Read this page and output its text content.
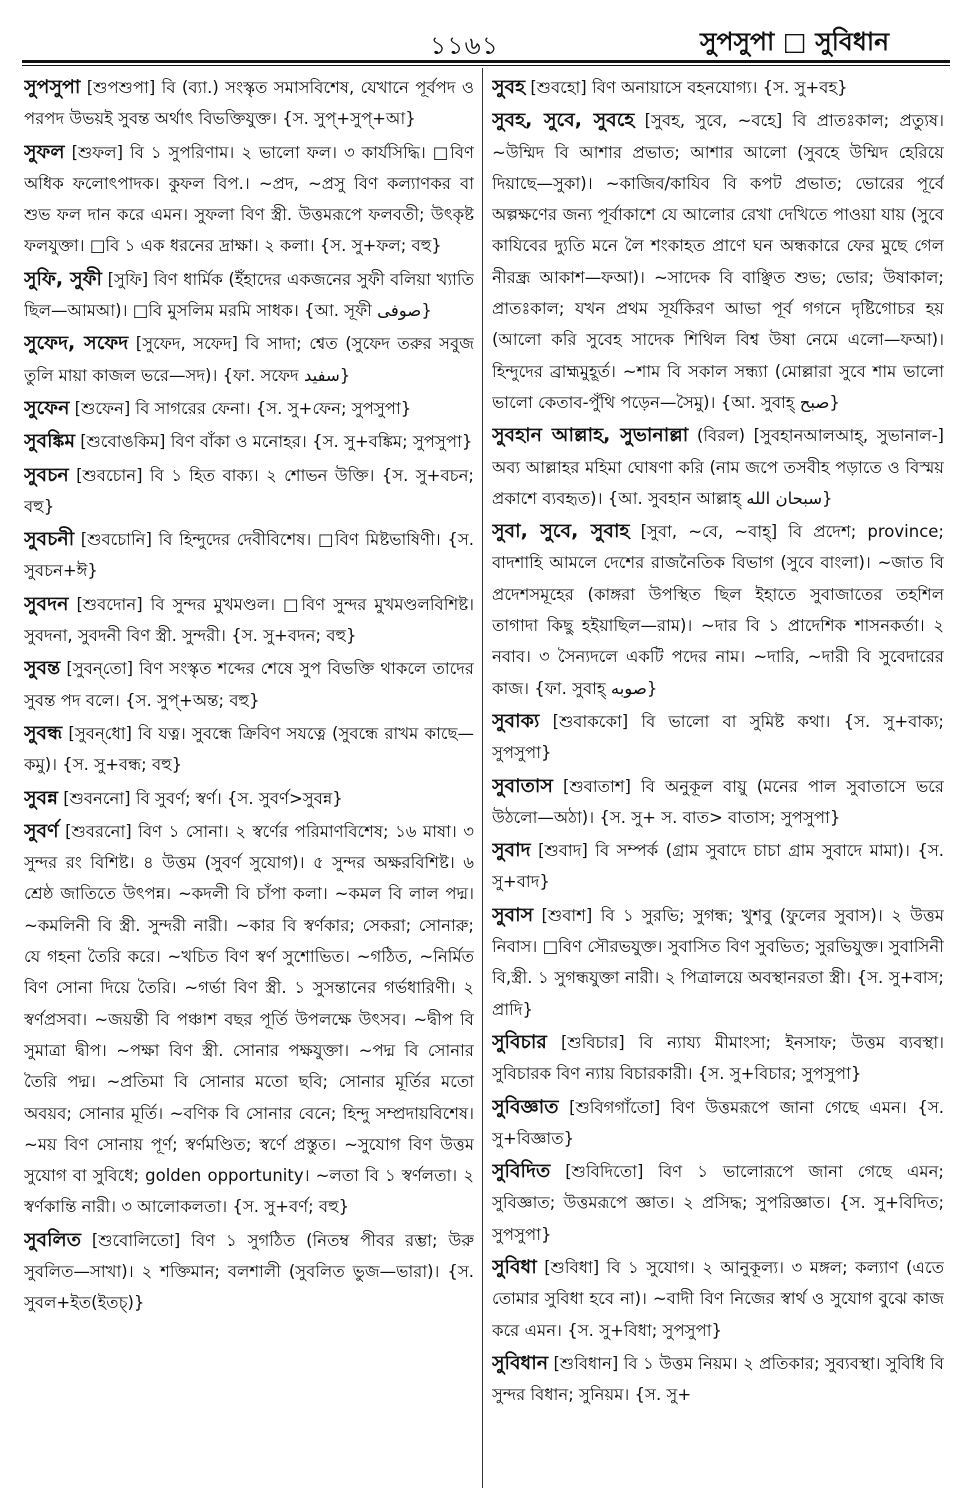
১১৬১	সুপসুপা □ সুবিধান
সুপসুপা [শুপশুপা] বি (ব্যা.) সংস্কৃত সমাসবিশেষ, যেখানে পূর্বপদ ও পরপদ উভয়ই সুবন্ত অর্থাৎ বিভক্তিযুক্ত। {স. সুপ্+সুপ্+আ}
সুফল [শুফল] বি ১ সুপরিণাম। ২ ভালো ফল। ৩ কার্যসিদ্ধি। □বিণ অধিক ফলোৎপাদক। কুফল বিপ.। ~প্রদ, ~প্রসু বিণ কল্যাণকর বা শুভ ফল দান করে এমন। সুফলা বিণ স্ত্রী. উত্তমরূপে ফলবতী; উৎকৃষ্ট ফলযুক্তা। □বি ১ এক ধরনের দ্রাক্ষা। ২ কলা। {স. সু+ফল; বহু}
সুফি, সুফী [সুফি] বিণ ধার্মিক (ইঁহাদের একজনের সুফী বলিয়া খ্যাতি ছিল—আমআ)। □বি মুসলিম মরমি সাধক। {আ. সূফী صوفی}
সুফেদ, সফেদ [সুফেদ, সফেদ] বি সাদা; শ্বেত (সুফেদ তরুর সবুজ তুলি মায়া কাজল ভরে—সদ)। {ফা. সফেদ سفید}
সুফেন [শুফেন] বি সাগরের ফেনা। {স. সু+ফেন; সুপসুপা}
সুবঙ্কিম [শুবোঙকিম] বিণ বাঁকা ও মনোহর। {স. সু+বঙ্কিম; সুপসুপা}
সুবচন [শুবচোন] বি ১ হিত বাক্য। ২ শোভন উক্তি। {স. সু+বচন; বহু}
সুবচনী [শুবচোনি] বি হিন্দুদের দেবীবিশেষ। □বিণ মিষ্টভাষিণী। {স. সুবচন+ঈ}
সুবদন [শুবদোন] বি সুন্দর মুখমণ্ডল। □বিণ সুন্দর মুখমণ্ডলবিশিষ্ট। সুবদনা, সুবদনী বিণ স্ত্রী. সুন্দরী। {স. সু+বদন; বহু}
সুবন্ত [সুবন্‌তো] বিণ সংস্কৃত শব্দের শেষে সুপ বিভক্তি থাকলে তাদের সুবন্ত পদ বলে। {স. সুপ্+অন্ত; বহু}
সুবন্ধ [সুবন্‌ধো] বি যত্ন। সুবন্ধে ক্রিবিণ সযত্নে (সুবন্ধে রাখম কাছে—কমু)। {স. সু+বন্ধ; বহু}
সুবন্ন [শুবননো] বি সুবর্ণ; স্বর্ণ। {স. সুবর্ণ>সুবন্ন}
সুবর্ণ [শুবরনো] বিণ ১ সোনা। ২ স্বর্ণের পরিমাণবিশেষ; ১৬ মাষা। ৩ সুন্দর রং বিশিষ্ট। ৪ উত্তম (সুবর্ণ সুযোগ)। ৫ সুন্দর অক্ষরবিশিষ্ট। ৬ শ্রেষ্ঠ জাতিতে উৎপন্ন। ~কদলী বি চাঁপা কলা। ~কমল বি লাল পদ্ম। ~কমলিনী বি স্ত্রী. সুন্দরী নারী। ~কার বি স্বর্ণকার; সেকরা; সোনারু; যে গহনা তৈরি করে। ~খচিত বিণ স্বর্ণ সুশোভিত। ~গঠিত, ~নির্মিত বিণ সোনা দিয়ে তৈরি। ~গর্ভা বিণ স্ত্রী. ১ সুসন্তানের গর্ভধারিণী। ২ স্বর্ণপ্রসবা। ~জয়ন্তী বি পঞ্চাশ বছর পূর্তি উপলক্ষে উৎসব। ~দ্বীপ বি সুমাত্রা দ্বীপ। ~পক্ষা বিণ স্ত্রী. সোনার পক্ষযুক্তা। ~পদ্ম বি সোনার তৈরি পদ্ম। ~প্রতিমা বি সোনার মতো ছবি; সোনার মূর্তির মতো অবয়ব; সোনার মূর্তি। ~বণিক বি সোনার বেনে; হিন্দু সম্প্রদায়বিশেষ। ~ময় বিণ সোনায় পূর্ণ; স্বর্ণমণ্ডিত; স্বর্ণে প্রস্তুত। ~সুযোগ বিণ উত্তম সুযোগ বা সুবিধে; golden opportunity। ~লতা বি ১ স্বর্ণলতা। ২ স্বর্ণকান্তি নারী। ৩ আলোকলতা। {স. সু+বর্ণ; বহু}
সুবলিত [শুবোলিতো] বিণ ১ সুগঠিত (নিতম্ব পীবর রম্ভা; উরু সুবলিত—সাখা)। ২ শক্তিমান; বলশালী (সুবলিত ভুজ—ভারা)। {স. সুবল+ইত(ইতচ্)}
সুবহ [শুবহো] বিণ অনায়াসে বহনযোগ্য। {স. সু+বহ}
সুবহ, সুবে, সুবহে [সুবহ, সুবে, ~বহে] বি প্রাতঃকাল; প্রত্যুষ। ~উম্মিদ বি আশার প্রভাত; আশার আলো (সুবহে উম্মিদ হেরিয়ে দিয়াছে—সুকা)। ~কাজিব/কাযিব বি কপট প্রভাত; ভোরের পূর্বে অল্পক্ষণের জন্য পূর্বাকাশে যে আলোর রেখা দেখিতে পাওয়া যায় (সুবে কাযিবের দ্যুতি মনে লৈ শংকাহত প্রাণে ঘন অন্ধকারে ফের মুছে গেল নীরন্ধ্র আকাশ—ফআ)। ~সাদেক বি বাঞ্ছিত শুভ; ভোর; উষাকাল; প্রাতঃকাল; যখন প্রথম সূর্যকিরণ আভা পূর্ব গগনে দৃষ্টিগোচর হয় (আলো করি সুবেহ সাদেক শিথিল বিশ্ব উষা নেমে এলো—ফআ)। হিন্দুদের ব্রাহ্মমুহূর্ত। ~শাম বি সকাল সন্ধ্যা (মোল্লারা সুবে শাম ভালো ভালো কেতাব-পুঁথি পড়েন—সৈমু)। {আ. সুবাহ্ صبح}
সুবহান আল্লাহ, সুভানাল্লা (বিরল) [সুবহানআলআহ্, সুভানাল-] অব্য আল্লাহর মহিমা ঘোষণা করি (নাম জপে তসবীহ পড়াতে ও বিস্ময় প্রকাশে ব্যবহৃত)। {আ. সুবহান আল্লাহ্ سبحان الله}
সুবা, সুবে, সুবাহ [সুবা, ~বে, ~বাহ্] বি প্রদেশ; province; বাদশাহি আমলে দেশের রাজনৈতিক বিভাগ (সুবে বাংলা)। ~জাত বি প্রদেশসমূহের (কাঙ্গরা উপস্থিত ছিল ইহাতে সুবাজাতের তহশিল তাগাদা কিছু হইয়াছিল—রাম)। ~দার বি ১ প্রাদেশিক শাসনকর্তা। ২ নবাব। ৩ সৈন্যদলে একটি পদের নাম। ~দারি, ~দারী বি সুবেদারের কাজ। {ফা. সুবাহ্ صوبه}
সুবাক্য [শুবাককো] বি ভালো বা সুমিষ্ট কথা। {স. সু+বাক্য; সুপসুপা}
সুবাতাস [শুবাতাশ] বি অনুকূল বায়ু (মনের পাল সুবাতাসে ভরে উঠলো—অঠা)। {স. সু+ স. বাত> বাতাস; সুপসুপা}
সুবাদ [শুবাদ] বি সম্পর্ক (গ্রাম সুবাদে চাচা গ্রাম সুবাদে মামা)। {স. সু+বাদ}
সুবাস [শুবাশ] বি ১ সুরভি; সুগন্ধ; খুশবু (ফুলের সুবাস)। ২ উত্তম নিবাস। □বিণ সৌরভযুক্ত। সুবাসিত বিণ সুবভিত; সুরভিযুক্ত। সুবাসিনী বি,স্ত্রী. ১ সুগন্ধযুক্তা নারী। ২ পিত্রালয়ে অবস্থানরতা স্ত্রী। {স. সু+বাস; প্রাদি}
সুবিচার [শুবিচার] বি ন্যায্য মীমাংসা; ইনসাফ; উত্তম ব্যবস্থা। সুবিচারক বিণ ন্যায় বিচারকারী। {স. সু+বিচার; সুপসুপা}
সুবিজ্ঞাত [শুবিগগাঁতো] বিণ উত্তমরূপে জানা গেছে এমন। {স. সু+বিজ্ঞাত}
সুবিদিত [শুবিদিতো] বিণ ১ ভালোরূপে জানা গেছে এমন; সুবিজ্ঞাত; উত্তমরূপে জ্ঞাত। ২ প্রসিদ্ধ; সুপরিজ্ঞাত। {স. সু+বিদিত; সুপসুপা}
সুবিধা [শুবিধা] বি ১ সুযোগ। ২ আনুকূল্য। ৩ মঙ্গল; কল্যাণ (এতে তোমার সুবিধা হবে না)। ~বাদী বিণ নিজের স্বার্থ ও সুযোগ বুঝে কাজ করে এমন। {স. সু+বিধা; সুপসুপা}
সুবিধান [শুবিধান] বি ১ উত্তম নিয়ম। ২ প্রতিকার; সুব্যবস্থা। সুবিধি বি সুন্দর বিধান; সুনিয়ম। {স. সু+
